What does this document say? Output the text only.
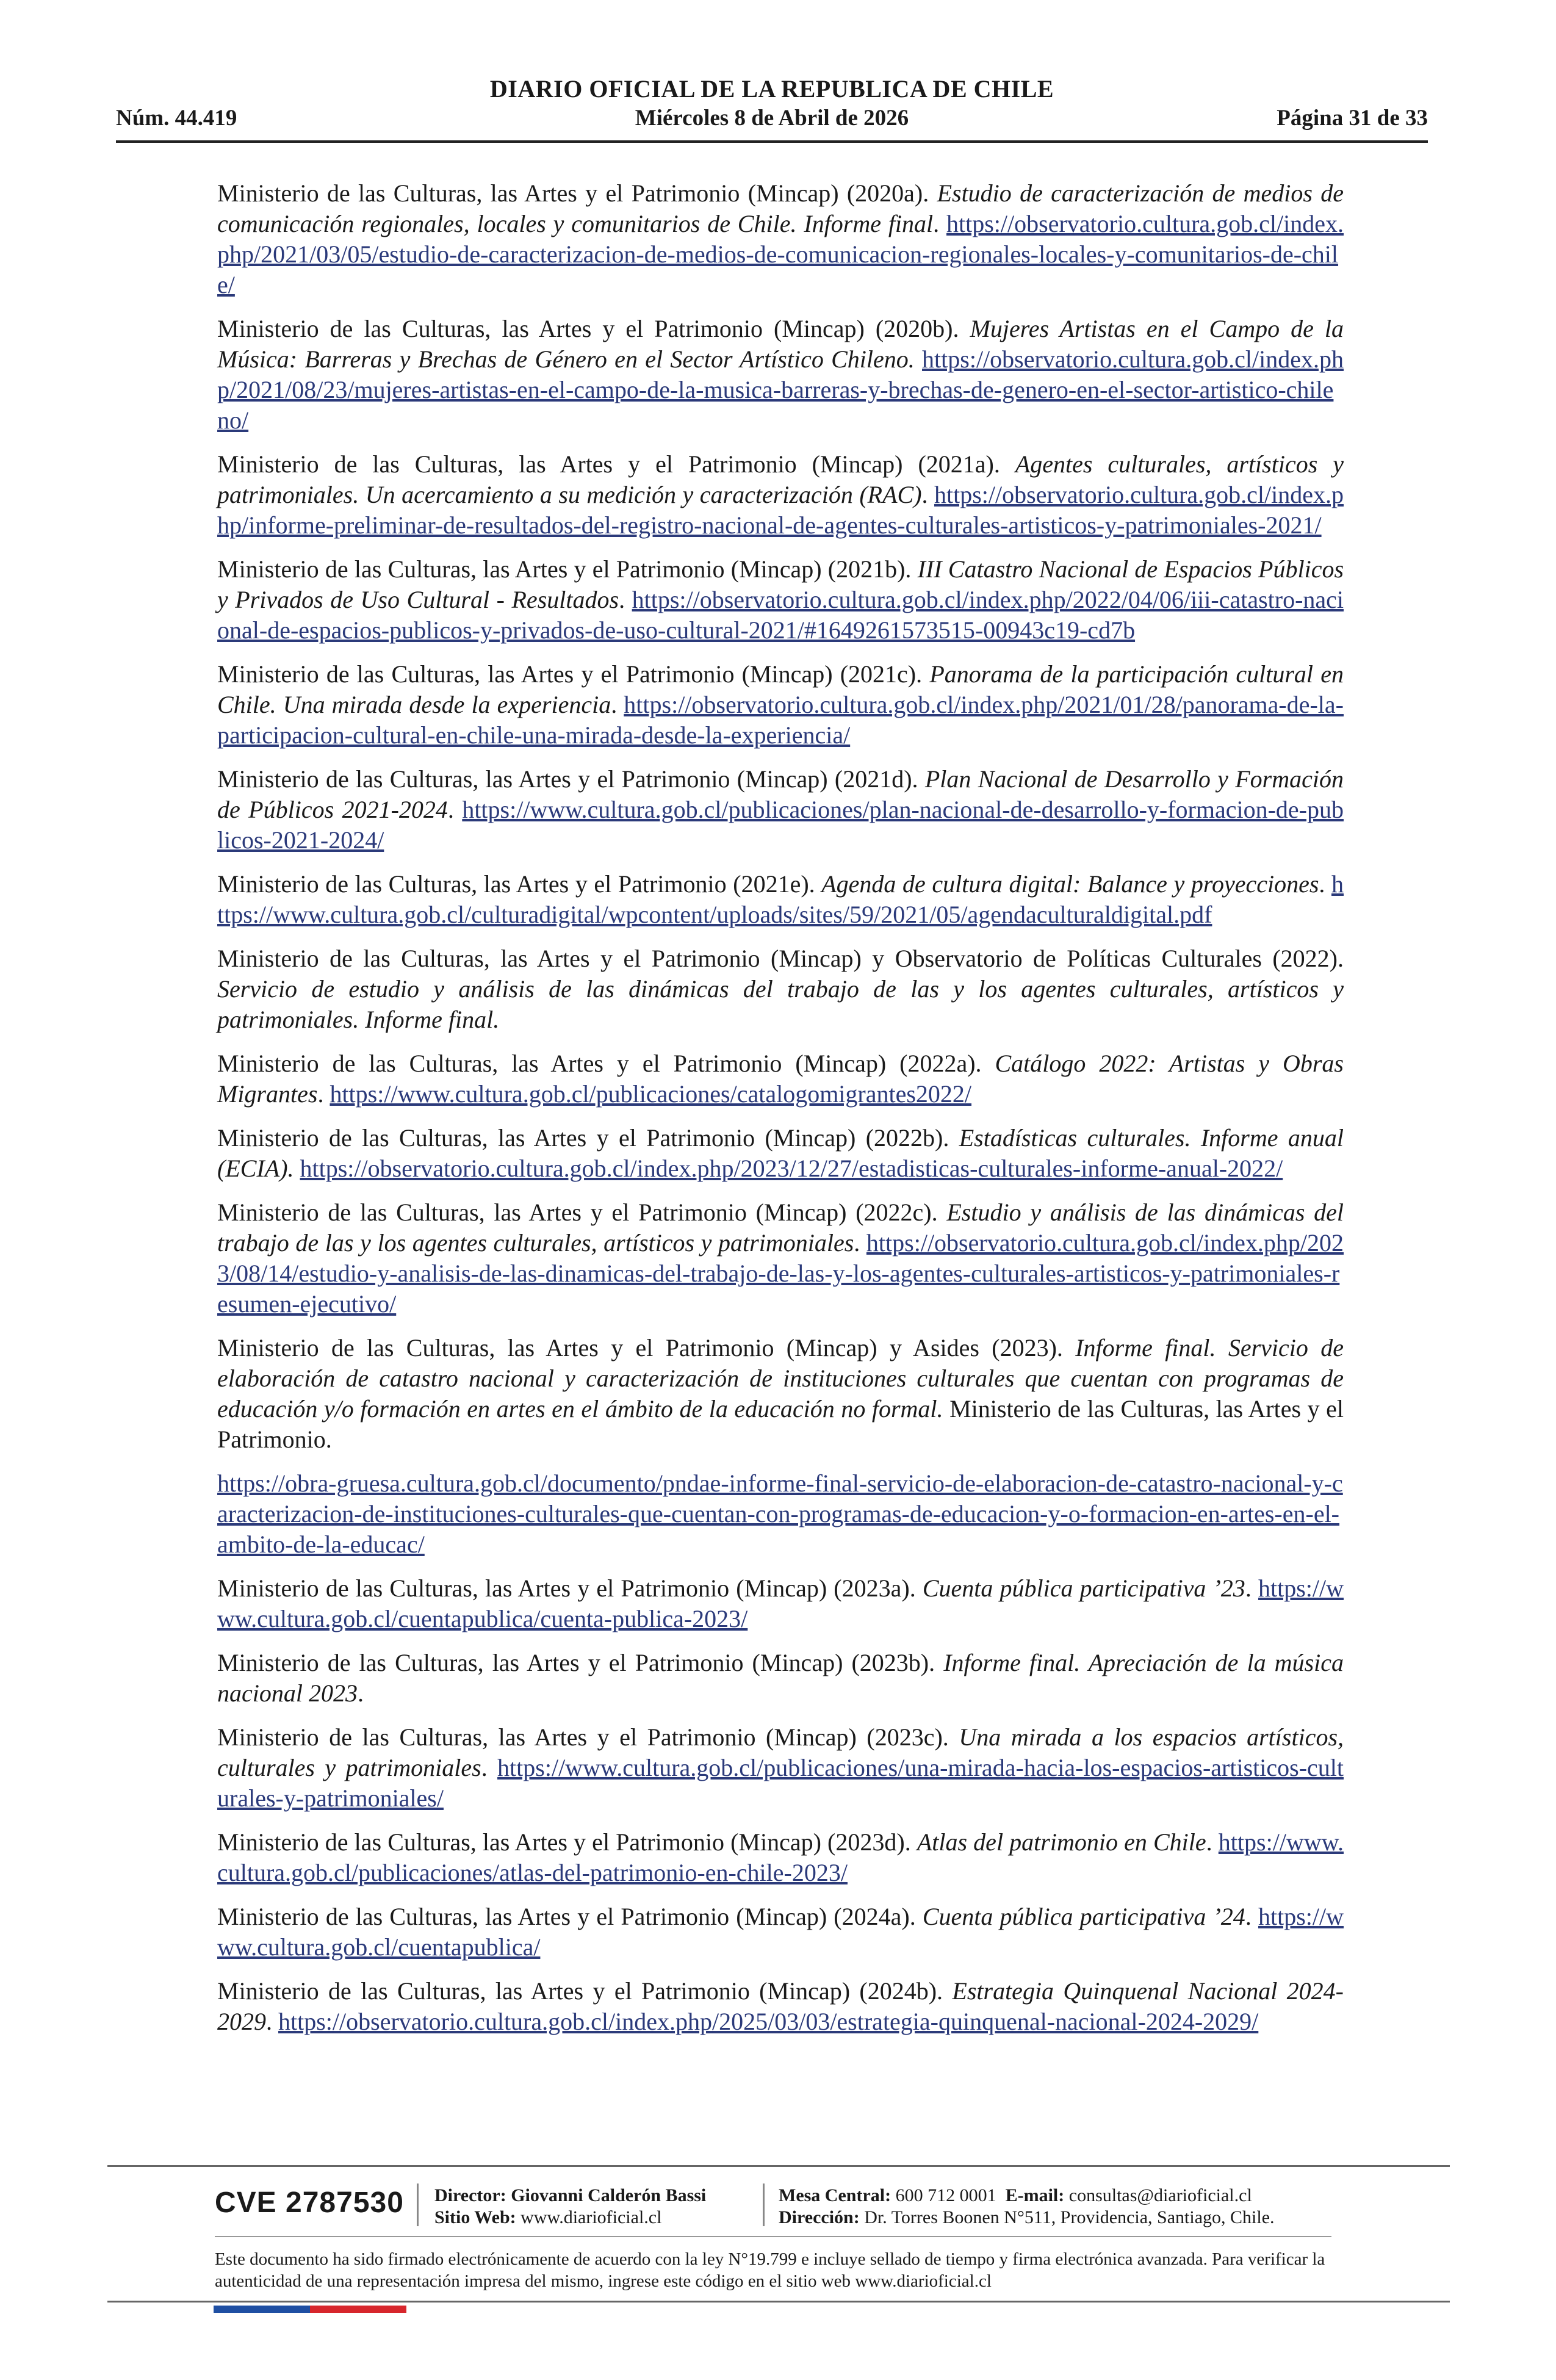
DIARIO OFICIAL DE LA REPUBLICA DE CHILE
Núm. 44.419	Miércoles 8 de Abril de 2026	Página 31 de 33

Ministerio de las Culturas, las Artes y el Patrimonio (Mincap) (2020a). Estudio de caracterización de medios de comunicación regionales, locales y comunitarios de Chile. Informe final. https://observatorio.cultura.gob.cl/index.php/2021/03/05/estudio-de-caracterizacion-de-medios-de-comunicacion-regionales-locales-y-comunitarios-de-chile/

Ministerio de las Culturas, las Artes y el Patrimonio (Mincap) (2020b). Mujeres Artistas en el Campo de la Música: Barreras y Brechas de Género en el Sector Artístico Chileno. https://observatorio.cultura.gob.cl/index.php/2021/08/23/mujeres-artistas-en-el-campo-de-la-musica-barreras-y-brechas-de-genero-en-el-sector-artistico-chileno/

Ministerio de las Culturas, las Artes y el Patrimonio (Mincap) (2021a). Agentes culturales, artísticos y patrimoniales. Un acercamiento a su medición y caracterización (RAC). https://observatorio.cultura.gob.cl/index.php/informe-preliminar-de-resultados-del-registro-nacional-de-agentes-culturales-artisticos-y-patrimoniales-2021/

Ministerio de las Culturas, las Artes y el Patrimonio (Mincap) (2021b). III Catastro Nacional de Espacios Públicos y Privados de Uso Cultural - Resultados. https://observatorio.cultura.gob.cl/index.php/2022/04/06/iii-catastro-nacional-de-espacios-publicos-y-privados-de-uso-cultural-2021/#1649261573515-00943c19-cd7b

Ministerio de las Culturas, las Artes y el Patrimonio (Mincap) (2021c). Panorama de la participación cultural en Chile. Una mirada desde la experiencia. https://observatorio.cultura.gob.cl/index.php/2021/01/28/panorama-de-la-participacion-cultural-en-chile-una-mirada-desde-la-experiencia/

Ministerio de las Culturas, las Artes y el Patrimonio (Mincap) (2021d). Plan Nacional de Desarrollo y Formación de Públicos 2021-2024. https://www.cultura.gob.cl/publicaciones/plan-nacional-de-desarrollo-y-formacion-de-publicos-2021-2024/

Ministerio de las Culturas, las Artes y el Patrimonio (2021e). Agenda de cultura digital: Balance y proyecciones. https://www.cultura.gob.cl/culturadigital/wpcontent/uploads/sites/59/2021/05/agendaculturaldigital.pdf

Ministerio de las Culturas, las Artes y el Patrimonio (Mincap) y Observatorio de Políticas Culturales (2022). Servicio de estudio y análisis de las dinámicas del trabajo de las y los agentes culturales, artísticos y patrimoniales. Informe final.

Ministerio de las Culturas, las Artes y el Patrimonio (Mincap) (2022a). Catálogo 2022: Artistas y Obras Migrantes. https://www.cultura.gob.cl/publicaciones/catalogomigrantes2022/

Ministerio de las Culturas, las Artes y el Patrimonio (Mincap) (2022b). Estadísticas culturales. Informe anual (ECIA). https://observatorio.cultura.gob.cl/index.php/2023/12/27/estadisticas-culturales-informe-anual-2022/

Ministerio de las Culturas, las Artes y el Patrimonio (Mincap) (2022c). Estudio y análisis de las dinámicas del trabajo de las y los agentes culturales, artísticos y patrimoniales. https://observatorio.cultura.gob.cl/index.php/2023/08/14/estudio-y-analisis-de-las-dinamicas-del-trabajo-de-las-y-los-agentes-culturales-artisticos-y-patrimoniales-resumen-ejecutivo/

Ministerio de las Culturas, las Artes y el Patrimonio (Mincap) y Asides (2023). Informe final. Servicio de elaboración de catastro nacional y caracterización de instituciones culturales que cuentan con programas de educación y/o formación en artes en el ámbito de la educación no formal. Ministerio de las Culturas, las Artes y el Patrimonio.

https://obra-gruesa.cultura.gob.cl/documento/pndae-informe-final-servicio-de-elaboracion-de-catastro-nacional-y-caracterizacion-de-instituciones-culturales-que-cuentan-con-programas-de-educacion-y-o-formacion-en-artes-en-el-ambito-de-la-educac/

Ministerio de las Culturas, las Artes y el Patrimonio (Mincap) (2023a). Cuenta pública participativa ’23. https://www.cultura.gob.cl/cuentapublica/cuenta-publica-2023/

Ministerio de las Culturas, las Artes y el Patrimonio (Mincap) (2023b). Informe final. Apreciación de la música nacional 2023.

Ministerio de las Culturas, las Artes y el Patrimonio (Mincap) (2023c). Una mirada a los espacios artísticos, culturales y patrimoniales. https://www.cultura.gob.cl/publicaciones/una-mirada-hacia-los-espacios-artisticos-culturales-y-patrimoniales/

Ministerio de las Culturas, las Artes y el Patrimonio (Mincap) (2023d). Atlas del patrimonio en Chile. https://www.cultura.gob.cl/publicaciones/atlas-del-patrimonio-en-chile-2023/

Ministerio de las Culturas, las Artes y el Patrimonio (Mincap) (2024a). Cuenta pública participativa ’24. https://www.cultura.gob.cl/cuentapublica/

Ministerio de las Culturas, las Artes y el Patrimonio (Mincap) (2024b). Estrategia Quinquenal Nacional 2024-2029. https://observatorio.cultura.gob.cl/index.php/2025/03/03/estrategia-quinquenal-nacional-2024-2029/

CVE 2787530 Director: Giovanni Calderón Bassi
Sitio Web: www.diarioficial.cl
Mesa Central: 600 712 0001 E-mail: consultas@diarioficial.cl
Dirección: Dr. Torres Boonen N°511, Providencia, Santiago, Chile.
Este documento ha sido firmado electrónicamente de acuerdo con la ley N°19.799 e incluye sellado de tiempo y firma electrónica avanzada. Para verificar la autenticidad de una representación impresa del mismo, ingrese este código en el sitio web www.diarioficial.cl
